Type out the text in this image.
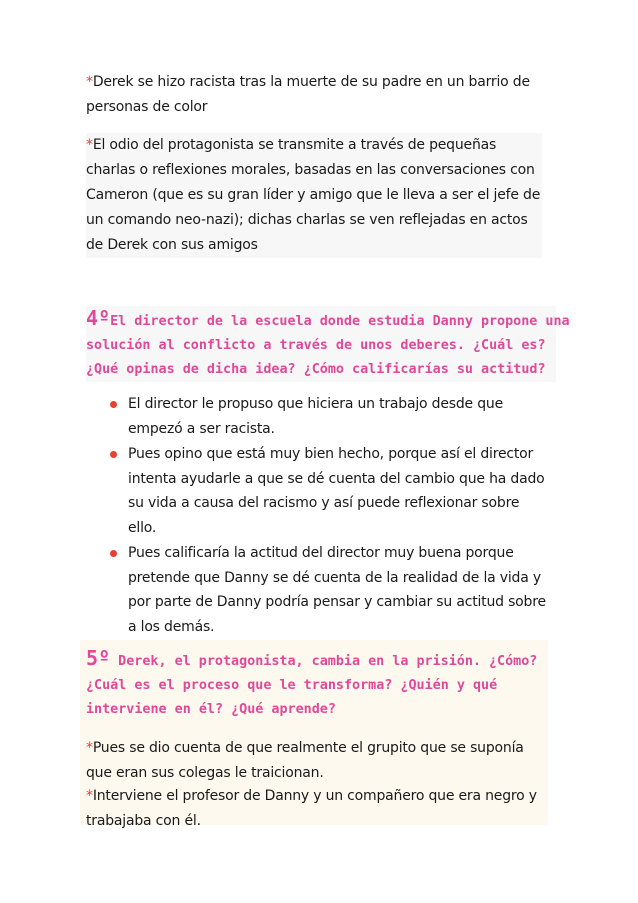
*Derek se hizo racista tras la muerte de su padre en un barrio de personas de color

*El odio del protagonista se transmite a través de pequeñas charlas o reflexiones morales, basadas en las conversaciones con Cameron (que es su gran líder y amigo que le lleva a ser el jefe de un comando neo-nazi); dichas charlas se ven reflejadas en actos de Derek con sus amigos

4ºEl director de la escuela donde estudia Danny propone una
solución al conflicto a través de unos deberes. ¿Cuál es?
¿Qué opinas de dicha idea? ¿Cómo calificarías su actitud?
El director le propuso que hiciera un trabajo desde que empezó a ser racista.
Pues opino que está muy bien hecho, porque así el director intenta ayudarle a que se dé cuenta del cambio que ha dado su vida a causa del racismo y así puede reflexionar sobre ello.
Pues calificaría la actitud del director muy buena porque pretende que Danny se dé cuenta de la realidad de la vida y por parte de Danny podría pensar y cambiar su actitud sobre a los demás.
5º Derek, el protagonista, cambia en la prisión. ¿Cómo?
¿Cuál es el proceso que le transforma? ¿Quién y qué
interviene en él? ¿Qué aprende?

*Pues se dio cuenta de que realmente el grupito que se suponía que eran sus colegas le traicionan.

*Interviene el profesor de Danny y un compañero que era negro y trabajaba con él.
